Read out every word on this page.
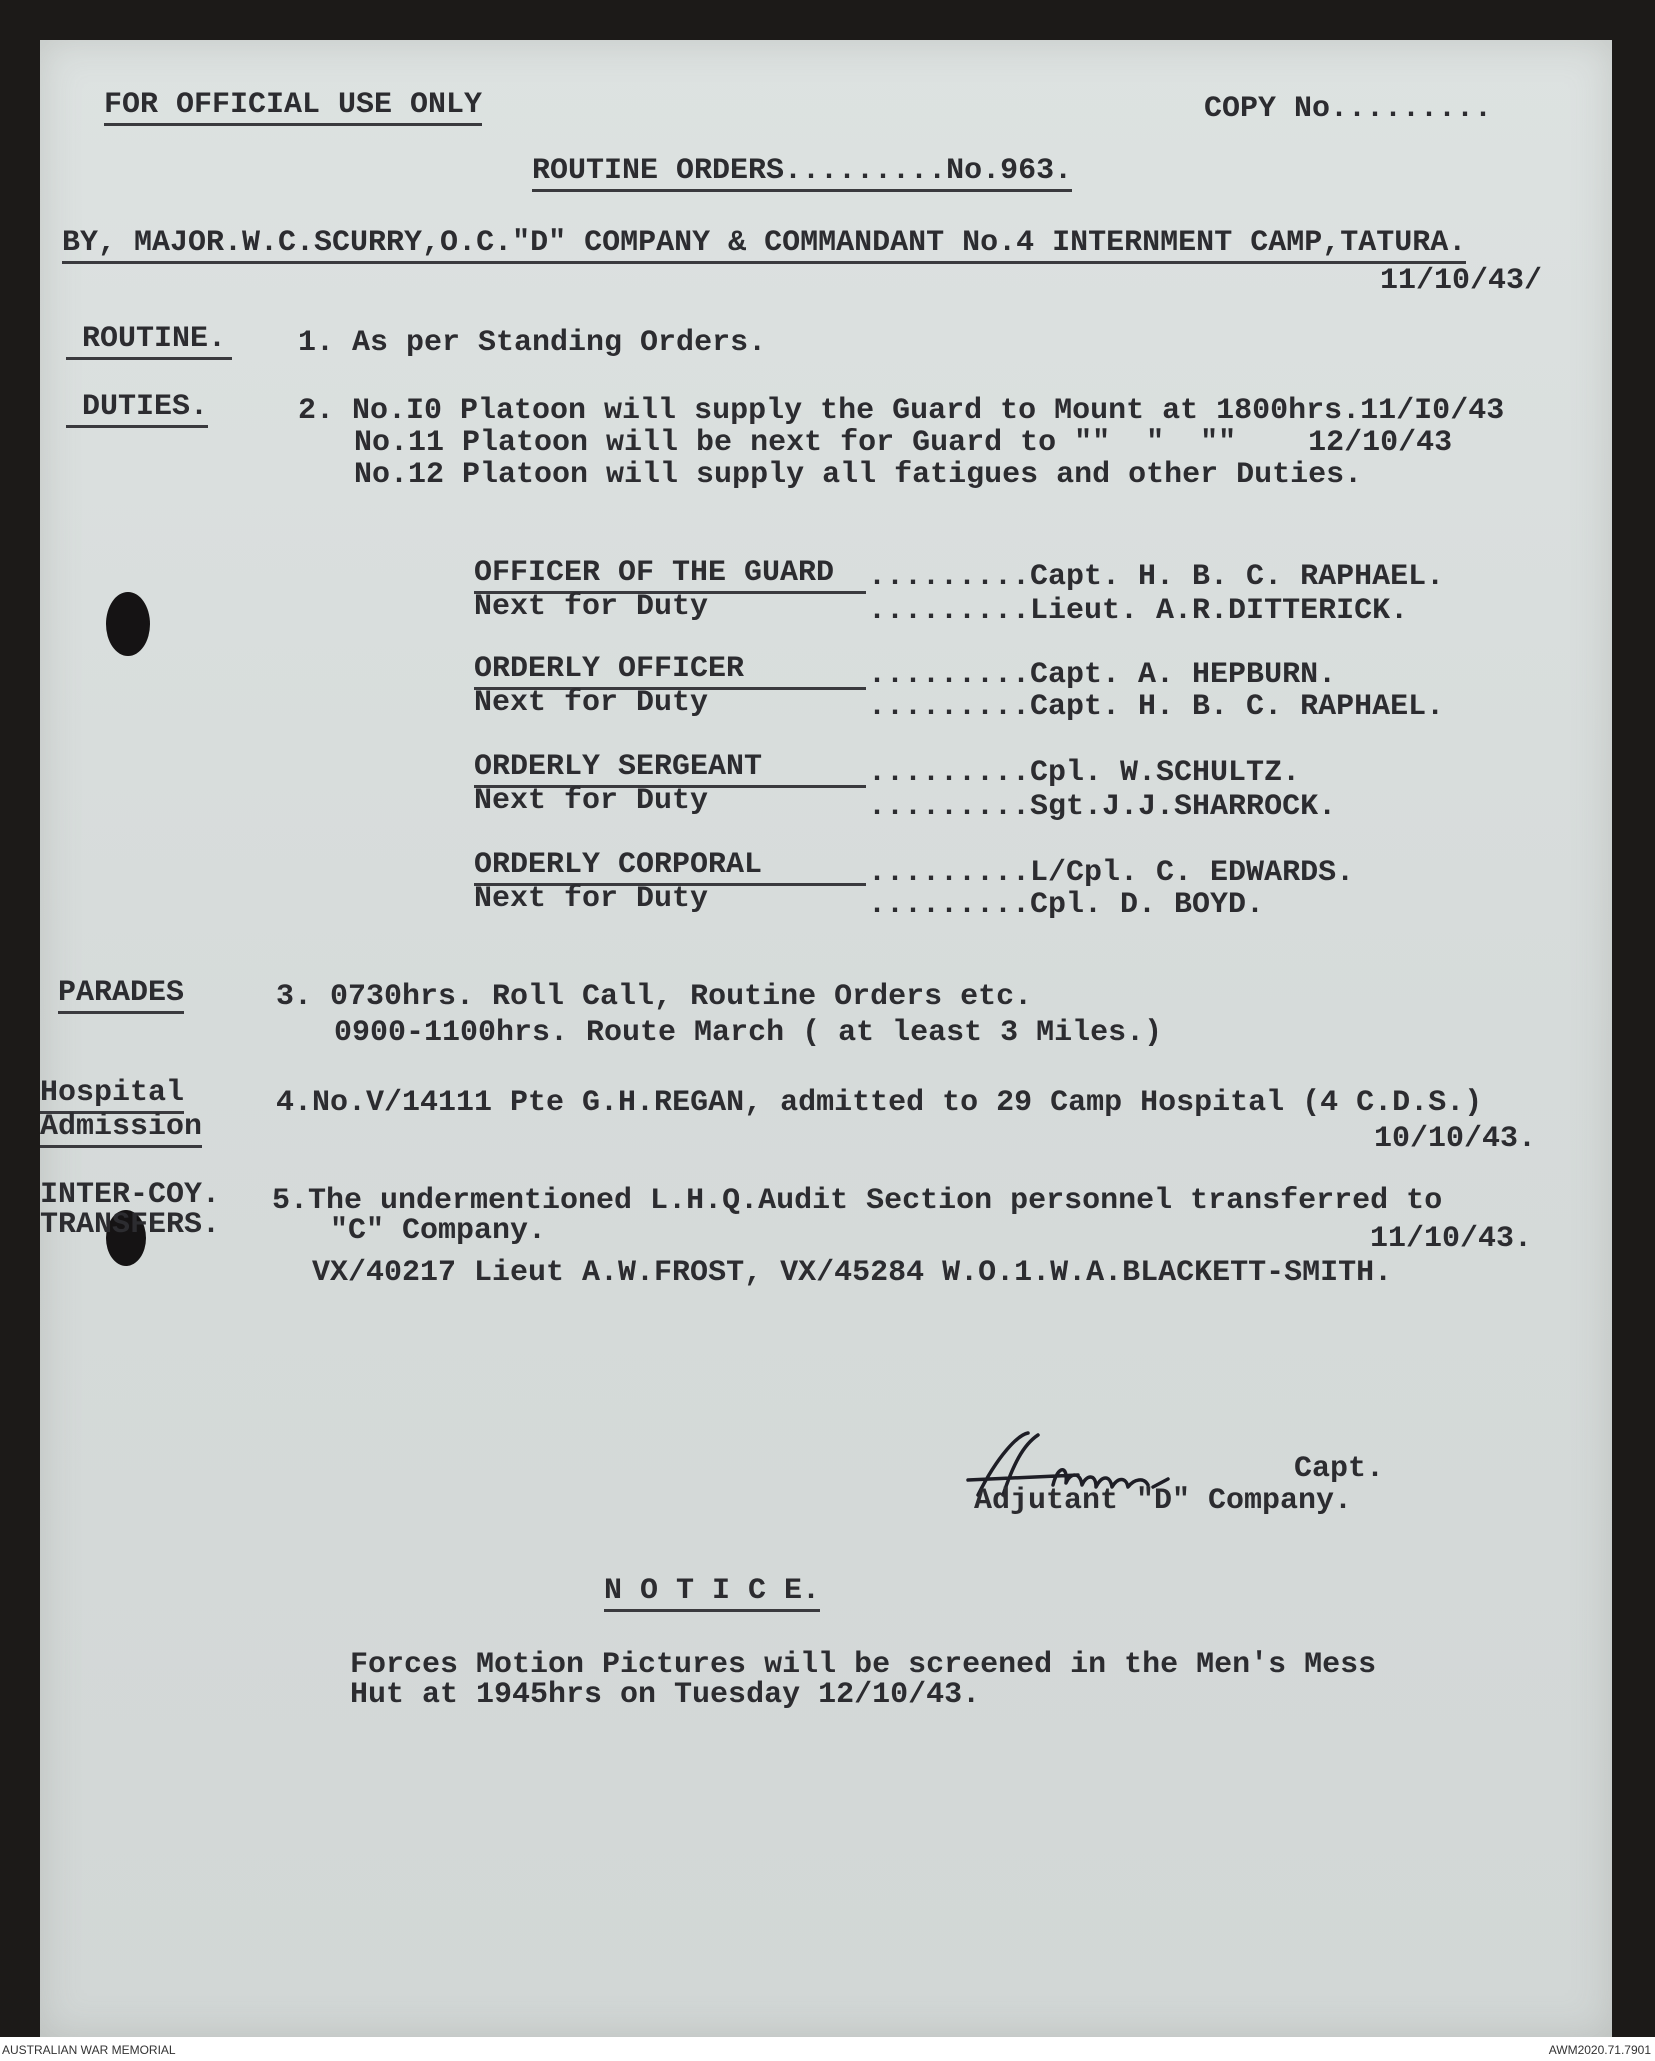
FOR OFFICIAL USE ONLY	COPY No.........
ROUTINE ORDERS.........No.963.
BY, MAJOR.W.C.SCURRY,O.C."D" COMPANY & COMMANDANT No.4 INTERNMENT CAMP,TATURA.
11/10/43/
ROUTINE. 1. As per Standing Orders.
DUTIES.	2. No.I0 Platoon will supply the Guard to Mount at 1800hrs.11/I0/43
No.11 Platoon will be next for Guard to ""  "  ""    12/10/43
No.12 Platoon will supply all fatigues and other Duties.
OFFICER OF THE GUARD	.........Capt. H. B. C. RAPHAEL.
Next for Duty	.........Lieut. A.R.DITTERICK.
ORDERLY OFFICER	.........Capt. A. HEPBURN.
Next for Duty	.........Capt. H. B. C. RAPHAEL.
ORDERLY SERGEANT	.........Cpl. W.SCHULTZ.
Next for Duty	.........Sgt.J.J.SHARROCK.
ORDERLY CORPORAL	.........L/Cpl. C. EDWARDS.
Next for Duty	.........Cpl. D. BOYD.
PARADES	3. 0730hrs. Roll Call, Routine Orders etc.
0900-1100hrs. Route March ( at least 3 Miles.)
Hospital
Admission
4.No.V/14111 Pte G.H.REGAN, admitted to 29 Camp Hospital (4 C.D.S.)
10/10/43.
INTER-COY.
TRANSFERS.
5.The undermentioned L.H.Q.Audit Section personnel transferred to
"C" Company.	11/10/43.
VX/40217 Lieut A.W.FROST, VX/45284 W.O.1.W.A.BLACKETT-SMITH.
Capt.
Adjutant "D" Company.
N O T I C E.
Forces Motion Pictures will be screened in the Men's Mess
Hut at 1945hrs on Tuesday 12/10/43.
AUSTRALIAN WAR MEMORIAL	AWM2020.71.7901
